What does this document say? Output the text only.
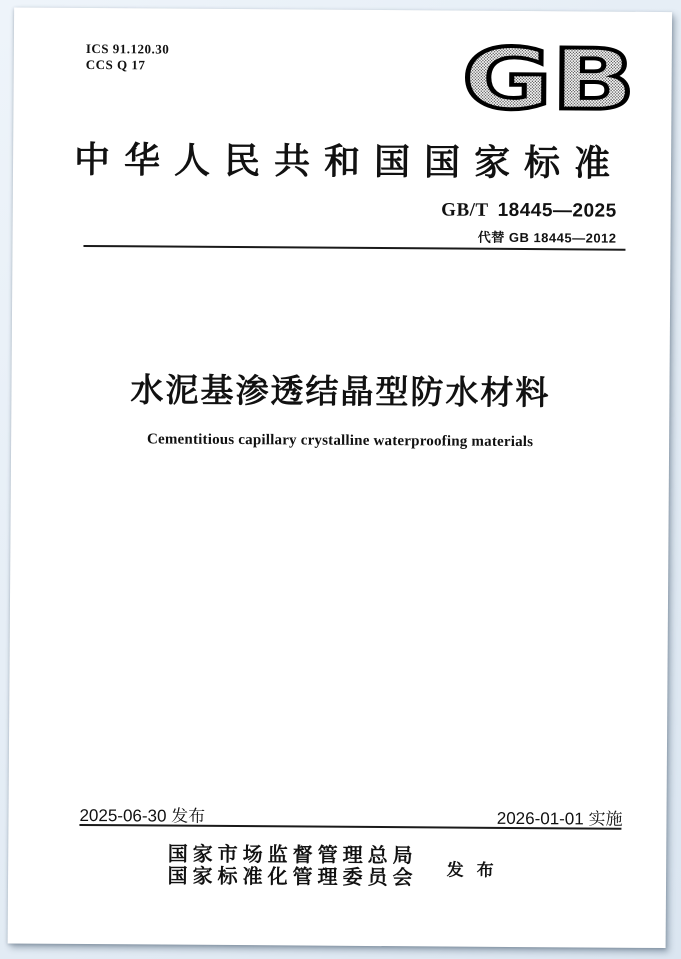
ICS 91.120.30
CCS Q 17	GB
中华人民共和国国家标准
GB/T 18445—2025
代替 GB 18445—2012
水泥基渗透结晶型防水材料
Cementitious capillary crystalline waterproofing materials
2025-06-30 发布	2026-01-01 实施
国家市场监督管理总局
国家标准化管理委员会	发布
